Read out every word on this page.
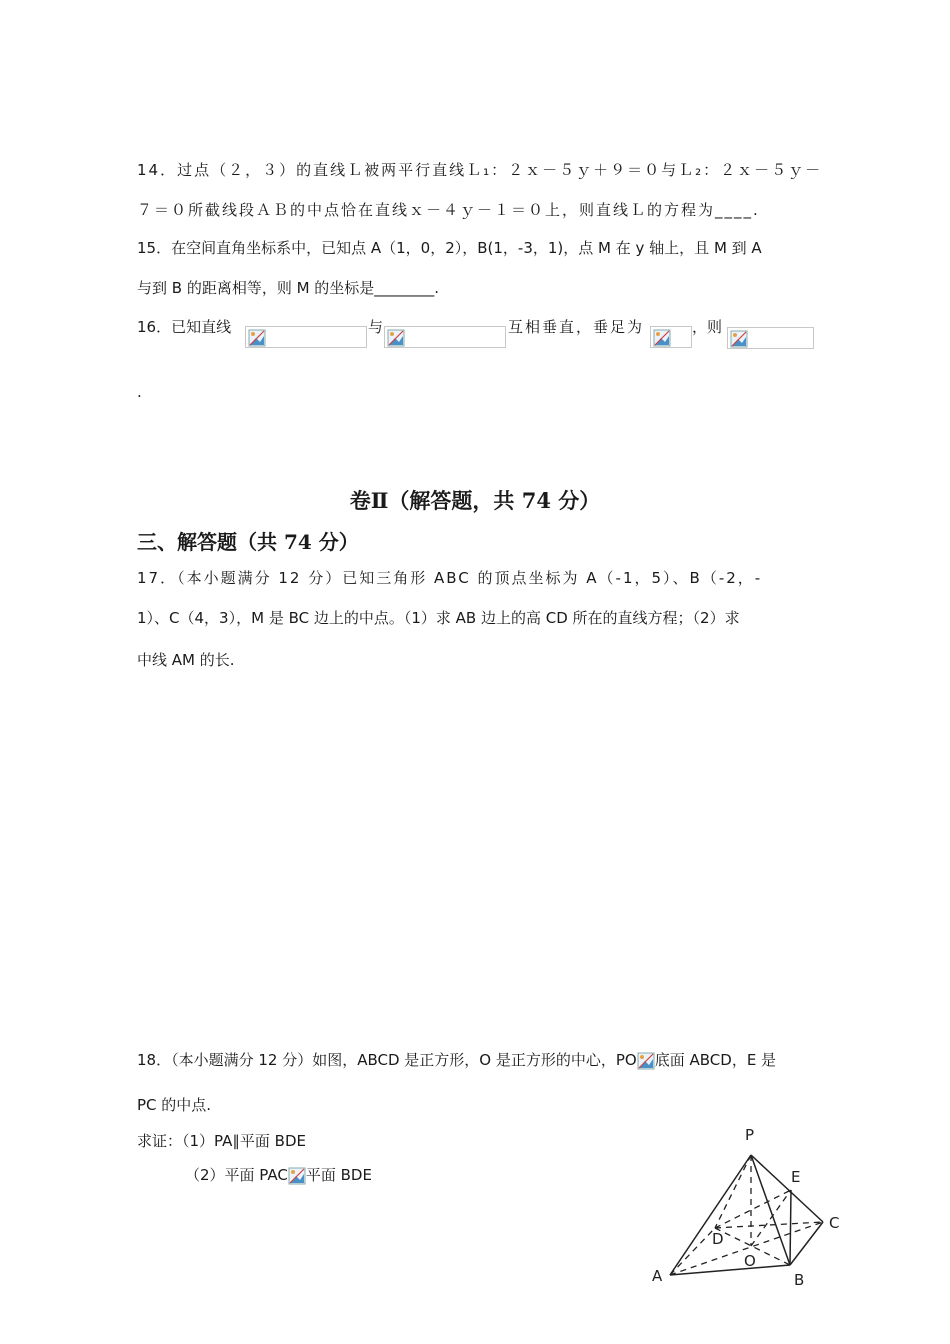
14．过点（２，３）的直线Ｌ被两平行直线Ｌ₁：２ｘ－５ｙ＋９＝０与Ｌ₂：２ｘ－５ｙ－
７＝０所截线段ＡＢ的中点恰在直线ｘ－４ｙ－１＝０上，则直线Ｌ的方程为____.
15．在空间直角坐标系中，已知点 A（1，0，2），B(1，-3，1)，点 M 在 y 轴上，且 M 到 A
与到 B 的距离相等，则 M 的坐标是________.
16．已知直线	与	互相垂直，垂足为	，则
.
卷Ⅱ（解答题，共 74 分）
三、解答题（共 74 分）
17．（本小题满分 12 分）已知三角形 ABC 的顶点坐标为 A（-1，5）、B（-2，-
1）、C（4，3），M 是 BC 边上的中点。（1）求 AB 边上的高 CD 所在的直线方程；（2）求
中线 AM 的长.
18．（本小题满分 12 分）如图，ABCD 是正方形，O 是正方形的中心，PO 底面 ABCD，E 是
PC 的中点.
求证：（1）PA∥平面 BDE
（2）平面 PAC 平面 BDE
P
E
C
D
O
A	B
